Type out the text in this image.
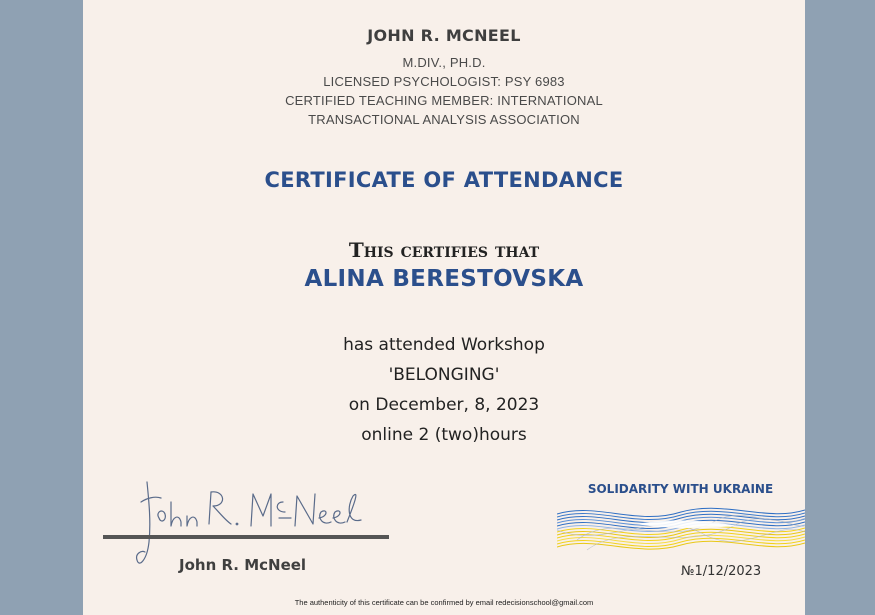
JOHN R. MCNEEL
M.DIV., PH.D.
LICENSED PSYCHOLOGIST: PSY 6983
CERTIFIED TEACHING MEMBER: INTERNATIONAL
TRANSACTIONAL ANALYSIS ASSOCIATION
CERTIFICATE OF ATTENDANCE
This certifies that
ALINA BERESTOVSKA
has attended Workshop
'BELONGING'
on December, 8, 2023
online 2 (two)hours
John R. McNeel
SOLIDARITY WITH UKRAINE
№1/12/2023
The authenticity of this certificate can be confirmed by email redecisionschool@gmail.com
